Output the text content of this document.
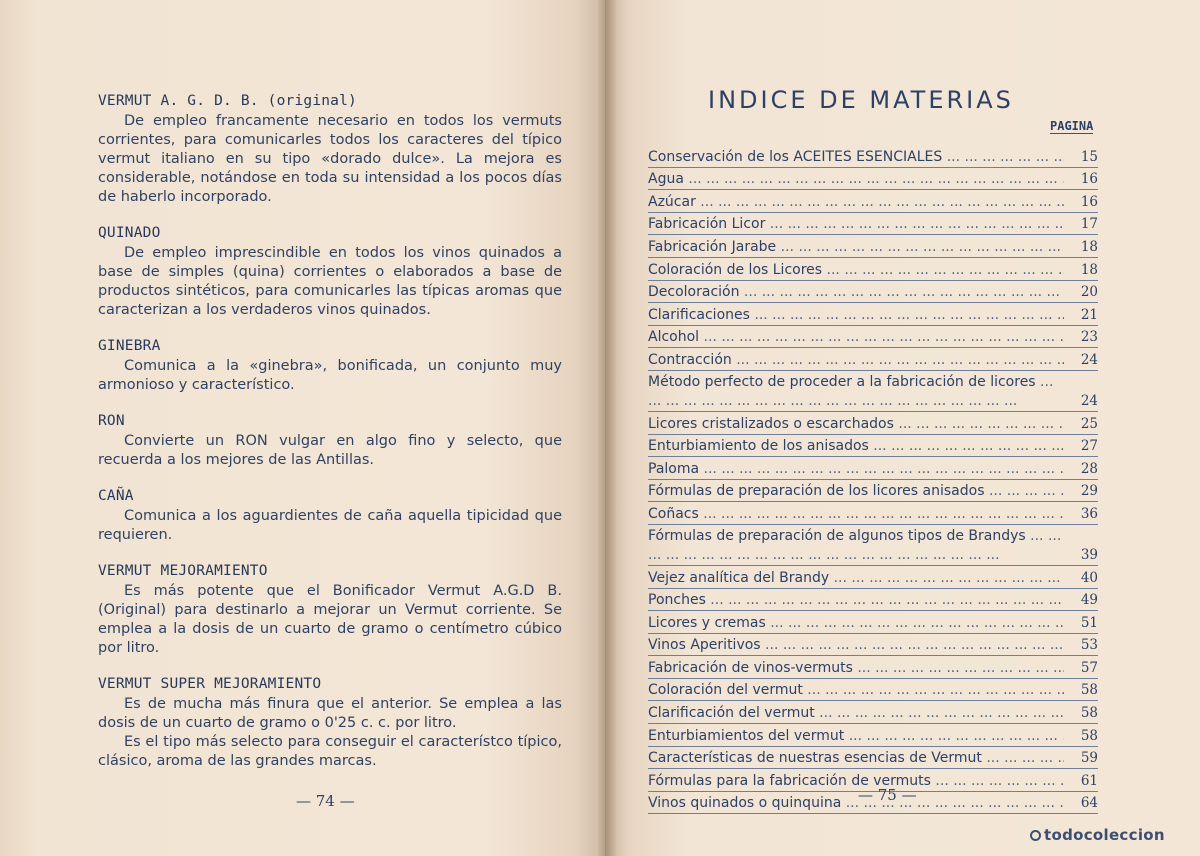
VERMUT A. G. D. B. (original)
De empleo francamente necesario en todos los vermuts corrientes, para comunicarles todos los caracteres del típico vermut italiano en su tipo «dorado dulce». La mejora es considerable, notándose en toda su intensidad a los pocos días de haberlo incorporado.
QUINADO
De empleo imprescindible en todos los vinos quinados a base de simples (quina) corrientes o elaborados a base de productos sintéticos, para comunicarles las típicas aromas que caracterizan a los verdaderos vinos quinados.
GINEBRA
Comunica a la «ginebra», bonificada, un conjunto muy armonioso y característico.
RON
Convierte un RON vulgar en algo fino y selecto, que recuerda a los mejores de las Antillas.
CAÑA
Comunica a los aguardientes de caña aquella tipicidad que requieren.
VERMUT MEJORAMIENTO
Es más potente que el Bonificador Vermut A.G.D B. (Original) para destinarlo a mejorar un Vermut corriente. Se emplea a la dosis de un cuarto de gramo o centímetro cúbico por litro.
VERMUT SUPER MEJORAMIENTO
Es de mucha más finura que el anterior. Se emplea a las dosis de un cuarto de gramo o 0'25 c. c. por litro.
Es el tipo más selecto para conseguir el característco típico, clásico, aroma de las grandes marcas.
— 74 —
INDICE DE MATERIAS
PAGINA
Conservación de los ACEITES ESENCIALES ... .	15
Agua ... .	16
Azúcar ... .	16
Fabricación Licor ... .	17
Fabricación Jarabe ... .	18
Coloración de los Licores ... .	18
Decoloración ... .	20
Clarificaciones ... .	21
Alcohol ... .	23
Contracción ... .	24
Método perfecto de proceder a la fabricación de licores ... .
24
Licores cristalizados o escarchados ... .	25
Enturbiamiento de los anisados ... .	27
Paloma ... .	28
Fórmulas de preparación de los licores anisados ... .	29
Coñacs ... .	36
Fórmulas de preparación de algunos tipos de Brandys ... .
39
Vejez analítica del Brandy ... .	40
Ponches ... .	49
Licores y cremas ... .	51
Vinos Aperitivos ... .	53
Fabricación de vinos-vermuts ... .	57
Coloración del vermut ... .	58
Clarificación del vermut ... .	58
Enturbiamientos del vermut ... .	58
Características de nuestras esencias de Vermut ... .	59
Fórmulas para la fabricación de vermuts ... .	61
Vinos quinados o quinquina ... .	64
— 75 —
todocoleccion
